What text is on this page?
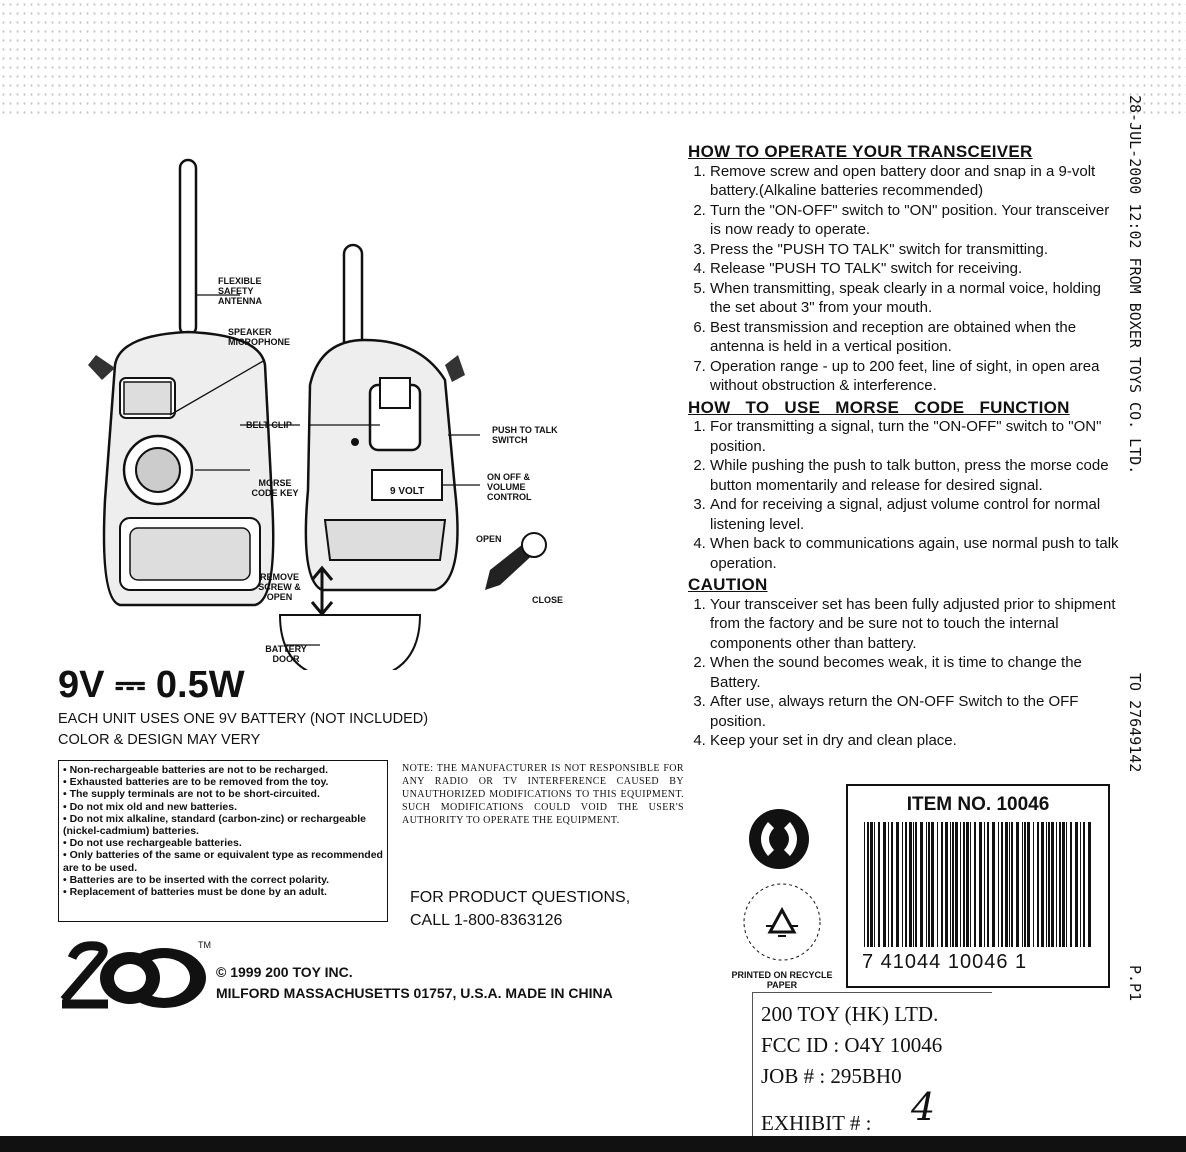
28-JUL-2000 12:02 FROM BOXER TOYS CO. LTD.
TO 27649142
P.P1
FLEXIBLE SAFETY ANTENNA
SPEAKER MICROPHONE
BELT CLIP
MORSE CODE KEY
PUSH TO TALK SWITCH
ON OFF & VOLUME CONTROL
9 VOLT
REMOVE SCREW & OPEN
BATTERY DOOR
OPEN
CLOSE
9V ⎓ 0.5W
EACH UNIT USES ONE 9V BATTERY (NOT INCLUDED)
COLOR & DESIGN MAY VERY
• Non-rechargeable batteries are not to be recharged.
• Exhausted batteries are to be removed from the toy.
• The supply terminals are not to be short-circuited.
• Do not mix old and new batteries.
• Do not mix alkaline, standard (carbon-zinc) or rechargeable (nickel-cadmium) batteries.
• Do not use rechargeable batteries.
• Only batteries of the same or equivalent type as recommended are to be used.
• Batteries are to be inserted with the correct polarity.
• Replacement of batteries must be done by an adult.
NOTE: THE MANUFACTURER IS NOT RESPONSIBLE FOR ANY RADIO OR TV INTERFERENCE CAUSED BY UNAUTHORIZED MODIFICATIONS TO THIS EQUIPMENT. SUCH MODIFICATIONS COULD VOID THE USER'S AUTHORITY TO OPERATE THE EQUIPMENT.
FOR PRODUCT QUESTIONS,
CALL 1-800-8363126
TM
© 1999 200 TOY INC.
MILFORD MASSACHUSETTS 01757, U.S.A. MADE IN CHINA
HOW TO OPERATE YOUR TRANSCEIVER
1. Remove screw and open battery door and snap in a 9-volt battery.(Alkaline batteries recommended)
2. Turn the "ON-OFF" switch to "ON" position. Your transceiver is now ready to operate.
3. Press the "PUSH TO TALK" switch for transmitting.
4. Release "PUSH TO TALK" switch for receiving.
5. When transmitting, speak clearly in a normal voice, holding the set about 3" from your mouth.
6. Best transmission and reception are obtained when the antenna is held in a vertical position.
7. Operation range - up to 200 feet, line of sight, in open area without obstruction & interference.
HOW TO USE MORSE CODE FUNCTION
1. For transmitting a signal, turn the "ON-OFF" switch to "ON" position.
2. While pushing the push to talk button, press the morse code button momentarily and release for desired signal.
3. And for receiving a signal, adjust volume control for normal listening level.
4. When back to communications again, use normal push to talk operation.
CAUTION
1. Your transceiver set has been fully adjusted prior to shipment from the factory and be sure not to touch the internal components other than battery.
2. When the sound becomes weak, it is time to change the Battery.
3. After use, always return the ON-OFF Switch to the OFF position.
4. Keep your set in dry and clean place.
PRINTED ON RECYCLE PAPER
ITEM NO. 10046
7 41044 10046 1
200 TOY (HK) LTD.
FCC ID : O4Y 10046
JOB # : 295BH0
EXHIBIT # :	4
